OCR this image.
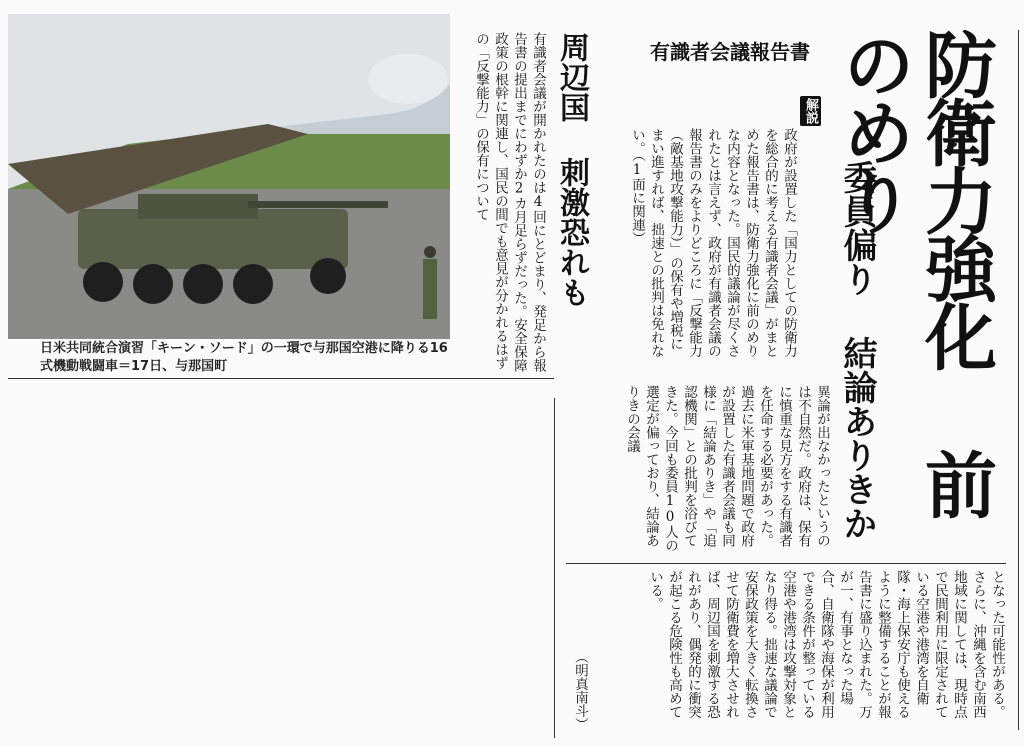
日米共同統合演習「キーン・ソード」の一環で与那国空港に降りる16式機動戦闘車＝17日、与那国町	防衛力強化 前のめり
委員偏り 結論ありきか
有識者会議報告書
解説
政府が設置した「国力としての防衛力を総合的に考える有識者会議」がまとめた報告書は、防衛力強化に前のめりな内容となった。国民的議論が尽くされたとは言えず、政府が有識者会議の報告書のみをよりどころに「反撃能力（敵基地攻撃能力）」の保有や増税にまい進すれば、拙速との批判は免れない。（1面に関連）
周辺国 刺激恐れも
有識者会議が開かれたのは4回にとどまり、発足から報告書の提出までにわずか2カ月足らずだった。安全保障政策の根幹に関連し、国民の間でも意見が分かれるはずの「反撃能力」の保有について
異論が出なかったというのは不自然だ。政府は、保有に慎重な見方をする有識者を任命する必要があった。過去に米軍基地問題で政府が設置した有識者会議も同様に「結論ありき」や「追認機関」との批判を浴びてきた。今回も委員10人の選定が偏っており、結論ありきの会議
となった可能性がある。さらに、沖縄を含む南西地域に関しては、現時点で民間利用に限定されている空港や港湾を自衛隊・海上保安庁も使えるように整備することが報告書に盛り込まれた。万が一、有事となった場合、自衛隊や海保が利用できる条件が整っている空港や港湾は攻撃対象となり得る。拙速な議論で安保政策を大きく転換させて防衛費を増大させれば、周辺国を刺激する恐れがあり、偶発的に衝突が起こる危険性も高めている。
（明真南斗）
